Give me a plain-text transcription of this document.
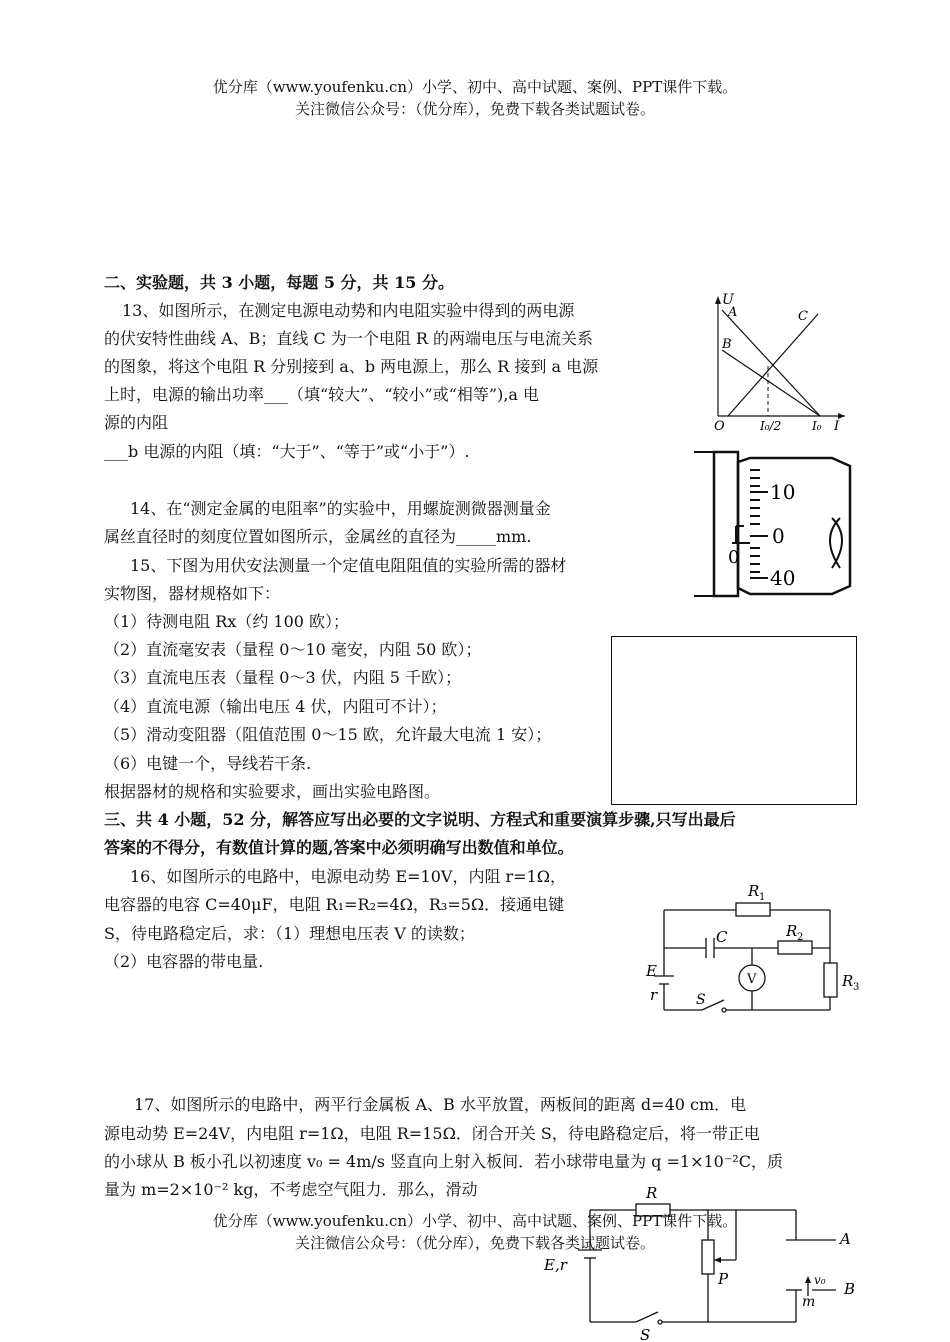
优分库（www.youfenku.cn）小学、初中、高中试题、案例、PPT课件下载。
关注微信公众号：（优分库），免费下载各类试题试卷。
二、实验题，共 3 小题，每题 5 分，共 15 分。
13、如图所示，在测定电源电动势和内电阻实验中得到的两电源
的伏安特性曲线 A、B；直线 C 为一个电阻 R 的两端电压与电流关系
的图象，将这个电阻 R 分别接到 a、b 两电源上，那么 R 接到 a 电源
上时，电源的输出功率___（填“较大”、“较小”或“相等”),a 电
源的内阻
___b 电源的内阻（填：“大于”、“等于”或“小于”）.
U
A
B
C
O	I₀/2	I₀ I
14、在“测定金属的电阻率”的实验中，用螺旋测微器测量金
属丝直径时的刻度位置如图所示，金属丝的直径为_____mm.
10
0
40
0
15、下图为用伏安法测量一个定值电阻阻值的实验所需的器材
实物图，器材规格如下：
（1）待测电阻 Rx（约 100 欧）；
（2）直流毫安表（量程 0～10 毫安，内阻 50 欧）；
（3）直流电压表（量程 0～3 伏，内阻 5 千欧）；
（4）直流电源（输出电压 4 伏，内阻可不计）；
（5）滑动变阻器（阻值范围 0～15 欧，允许最大电流 1 安）；
（6）电键一个，导线若干条.
根据器材的规格和实验要求，画出实验电路图。
三、共 4 小题，52 分，解答应写出必要的文字说明、方程式和重要演算步骤,只写出最后
答案的不得分，有数值计算的题,答案中必须明确写出数值和单位。
16、如图所示的电路中，电源电动势 E=10V，内阻 r=1Ω，
电容器的电容 C=40μF，电阻 R₁=R₂=4Ω，R₃=5Ω．接通电键
S，待电路稳定后，求：（1）理想电压表 V 的读数；
（2）电容器的带电量.
R 1
R 2
R 3
C
E
r	S
V
17、如图所示的电路中，两平行金属板 A、B 水平放置，两板间的距离 d=40 cm．电
源电动势 E=24V，内电阻 r=1Ω，电阻 R=15Ω．闭合开关 S，待电路稳定后，将一带正电
的小球从 B 板小孔以初速度 v₀ = 4m/s 竖直向上射入板间．若小球带电量为 q =1×10⁻²C，质
量为 m=2×10⁻² kg，不考虑空气阻力．那么，滑动	R
E,r
A
B
P
S
m
v₀
优分库（www.youfenku.cn）小学、初中、高中试题、案例、PPT课件下载。
关注微信公众号：（优分库），免费下载各类试题试卷。
